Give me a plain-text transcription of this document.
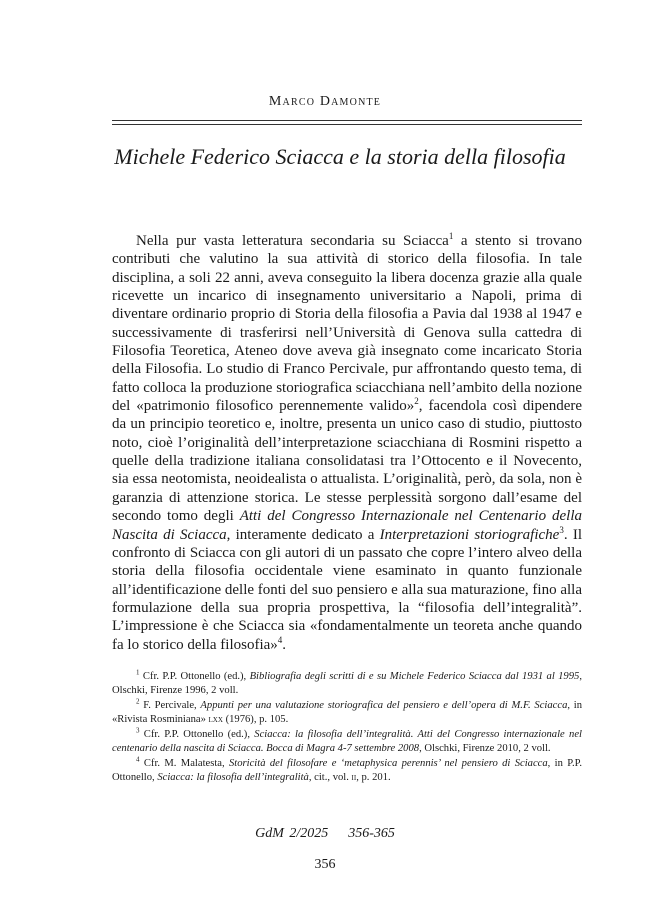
Marco Damonte
Michele Federico Sciacca e la storia della filosofia

Nella pur vasta letteratura secondaria su Sciacca$^1$ a stento si trovano contributi che valutino la sua attività di storico della filosofia. In tale disciplina, a soli 22 anni, aveva conseguito la libera docenza grazie alla quale ricevette un incarico di insegnamento universitario a Napoli, prima di diventare ordinario proprio di Storia della filosofia a Pavia dal 1938 al 1947 e successivamente di trasferirsi nell’Università di Genova sulla cattedra di Filosofia Teoretica, Ateneo dove aveva già insegnato come incaricato Storia della Filosofia. Lo studio di Franco Percivale, pur affrontando questo tema, di fatto colloca la produzione storiografica sciacchiana nell’ambito della nozione del «patrimonio filosofico perennemente valido»$^2$, facendola così dipendere da un principio teoretico e, inoltre, presenta un unico caso di studio, piuttosto noto, cioè l’originalità dell’interpretazione sciacchiana di Rosmini rispetto a quelle della tradizione italiana consolidatasi tra l’Ottocento e il Novecento, sia essa neotomista, neoidealista o attualista. L’originalità, però, da sola, non è garanzia di attenzione storica. Le stesse perplessità sorgono dall’esame del secondo tomo degli Atti del Congresso Internazionale nel Centenario della Nascita di Sciacca, interamente dedicato a Interpretazioni storiografiche$^3$. Il confronto di Sciacca con gli autori di un passato che copre l’intero alveo della storia della filosofia occidentale viene esaminato in quanto funzionale all’identificazione delle fonti del suo pensiero e alla sua maturazione, fino alla formulazione della sua propria prospettiva, la “filosofia dell’integralità”. L’impressione è che Sciacca sia «fondamentalmente un teoreta anche quando fa lo storico della filosofia»$^4$.

$^1$ Cfr. P.P. Ottonello (ed.), Bibliografia degli scritti di e su Michele Federico Sciacca dal 1931 al 1995, Olschki, Firenze 1996, 2 voll.

$^2$ F. Percivale, Appunti per una valutazione storiografica del pensiero e dell’opera di M.F. Sciacca, in «Rivista Rosminiana» lxx (1976), p. 105.

$^3$ Cfr. P.P. Ottonello (ed.), Sciacca: la filosofia dell’integralità. Atti del Congresso internazionale nel centenario della nascita di Sciacca. Bocca di Magra 4-7 settembre 2008, Olschki, Firenze 2010, 2 voll.

$^4$ Cfr. M. Malatesta, Storicità del filosofare e ‘metaphysica perennis’ nel pensiero di Sciacca, in P.P. Ottonello, Sciacca: la filosofia dell’integralità, cit., vol. ii, p. 201.

GdM 2/2025 356-365
356
